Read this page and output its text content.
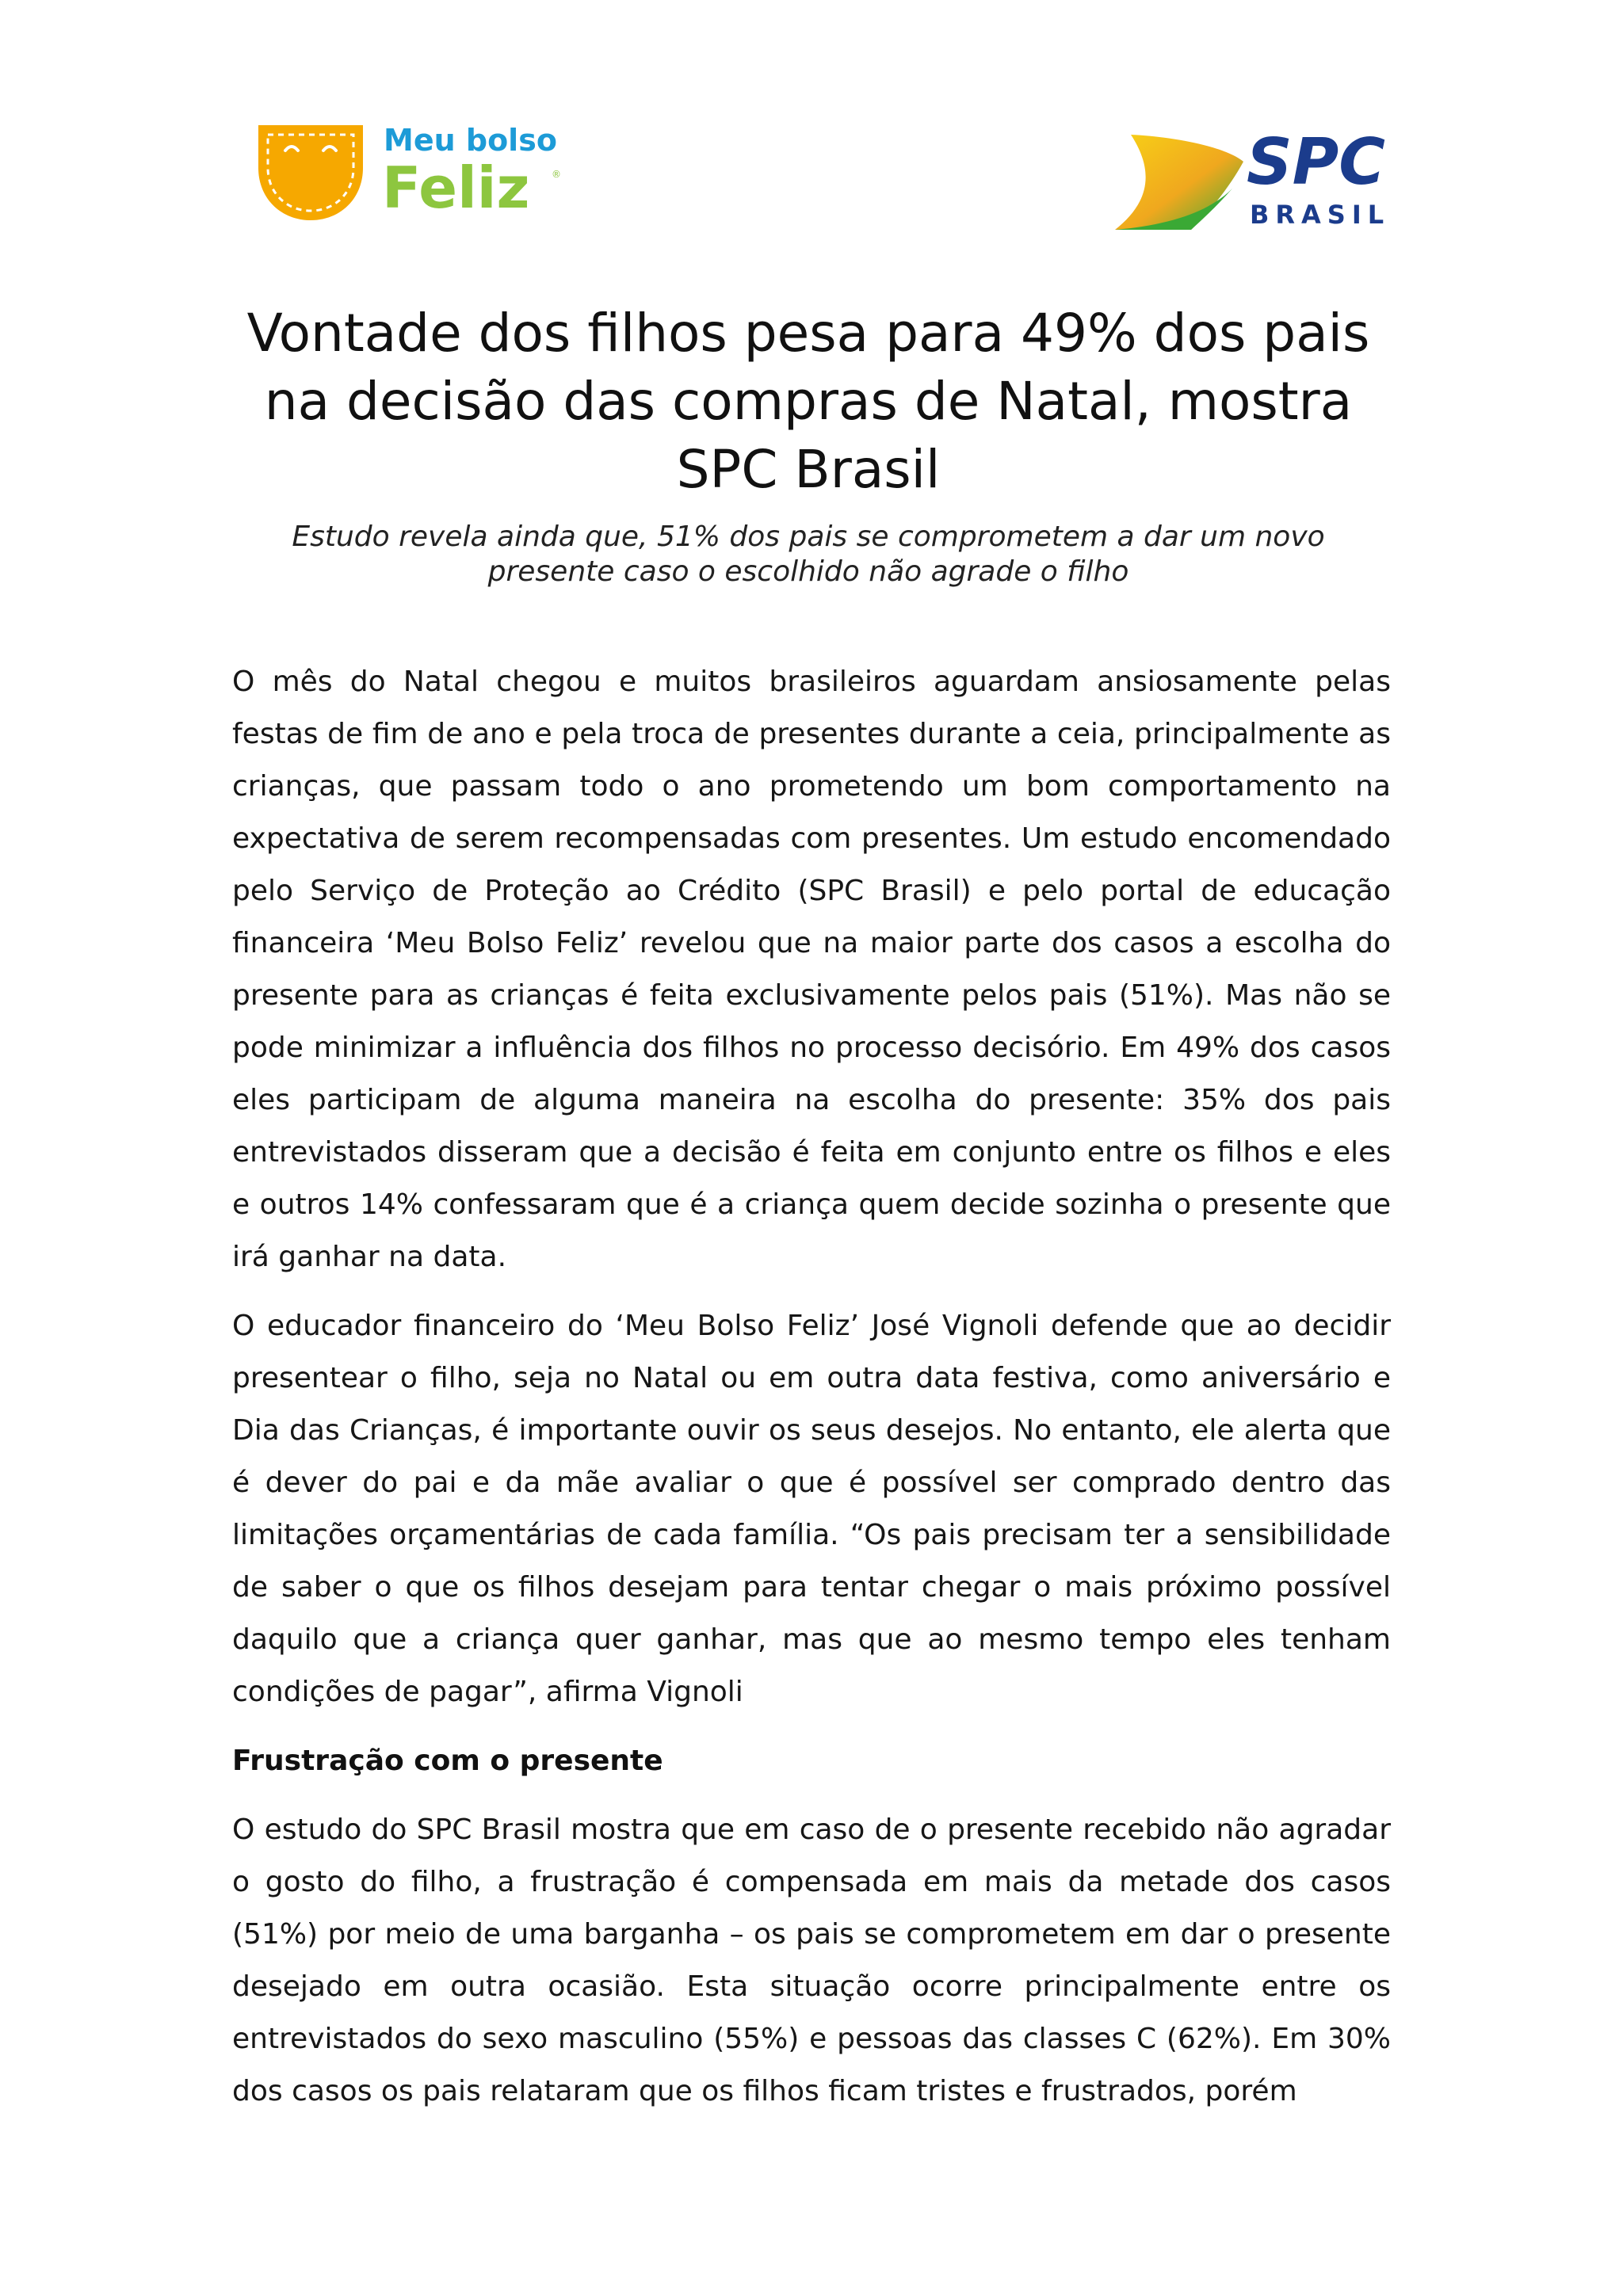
Meu bolso
Feliz ®	SPC
BRASIL
Vontade dos filhos pesa para 49% dos pais na decisão das compras de Natal, mostra SPC Brasil

Estudo revela ainda que, 51% dos pais se comprometem a dar um novo presente caso o escolhido não agrade o filho

O mês do Natal chegou e muitos brasileiros aguardam ansiosamente pelas festas de fim de ano e pela troca de presentes durante a ceia, principalmente as crianças, que passam todo o ano prometendo um bom comportamento na expectativa de serem recompensadas com presentes. Um estudo encomendado pelo Serviço de Proteção ao Crédito (SPC Brasil) e pelo portal de educação financeira ‘Meu Bolso Feliz’ revelou que na maior parte dos casos a escolha do presente para as crianças é feita exclusivamente pelos pais (51%). Mas não se pode minimizar a influência dos filhos no processo decisório. Em 49% dos casos eles participam de alguma maneira na escolha do presente: 35% dos pais entrevistados disseram que a decisão é feita em conjunto entre os filhos e eles e outros 14% confessaram que é a criança quem decide sozinha o presente que irá ganhar na data.

O educador financeiro do ‘Meu Bolso Feliz’ José Vignoli defende que ao decidir presentear o filho, seja no Natal ou em outra data festiva, como aniversário e Dia das Crianças, é importante ouvir os seus desejos. No entanto, ele alerta que é dever do pai e da mãe avaliar o que é possível ser comprado dentro das limitações orçamentárias de cada família. “Os pais precisam ter a sensibilidade de saber o que os filhos desejam para tentar chegar o mais próximo possível daquilo que a criança quer ganhar, mas que ao mesmo tempo eles tenham condições de pagar”, afirma Vignoli

Frustração com o presente

O estudo do SPC Brasil mostra que em caso de o presente recebido não agradar o gosto do filho, a frustração é compensada em mais da metade dos casos (51%) por meio de uma barganha – os pais se comprometem em dar o presente desejado em outra ocasião. Esta situação ocorre principalmente entre os entrevistados do sexo masculino (55%) e pessoas das classes C (62%). Em 30% dos casos os pais relataram que os filhos ficam tristes e frustrados, porém
